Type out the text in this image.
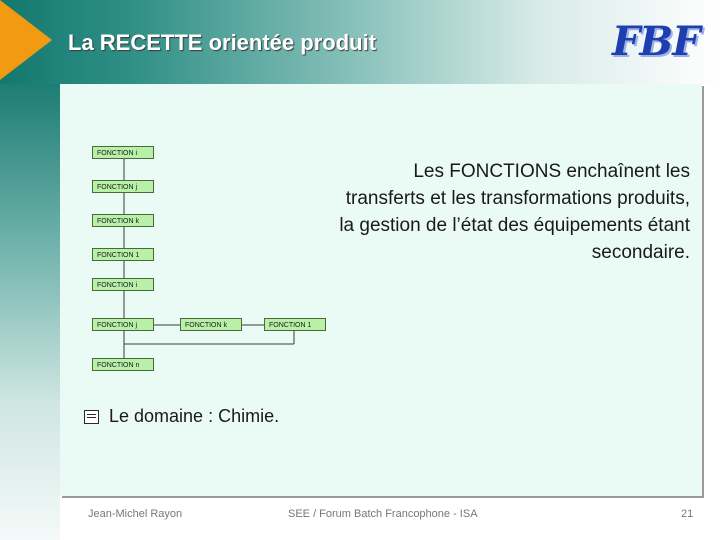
La RECETTE orientée produit	FBF
FONCTION i
FONCTION j
FONCTION k
FONCTION 1
FONCTION i
FONCTION j	FONCTION k	FONCTION 1
FONCTION n
Les FONCTIONS enchaînent les transferts et les transformations produits, la gestion de l’état des équipements étant secondaire.
Le domaine : Chimie.
Jean-Michel Rayon	SEE / Forum Batch Francophone - ISA	21
